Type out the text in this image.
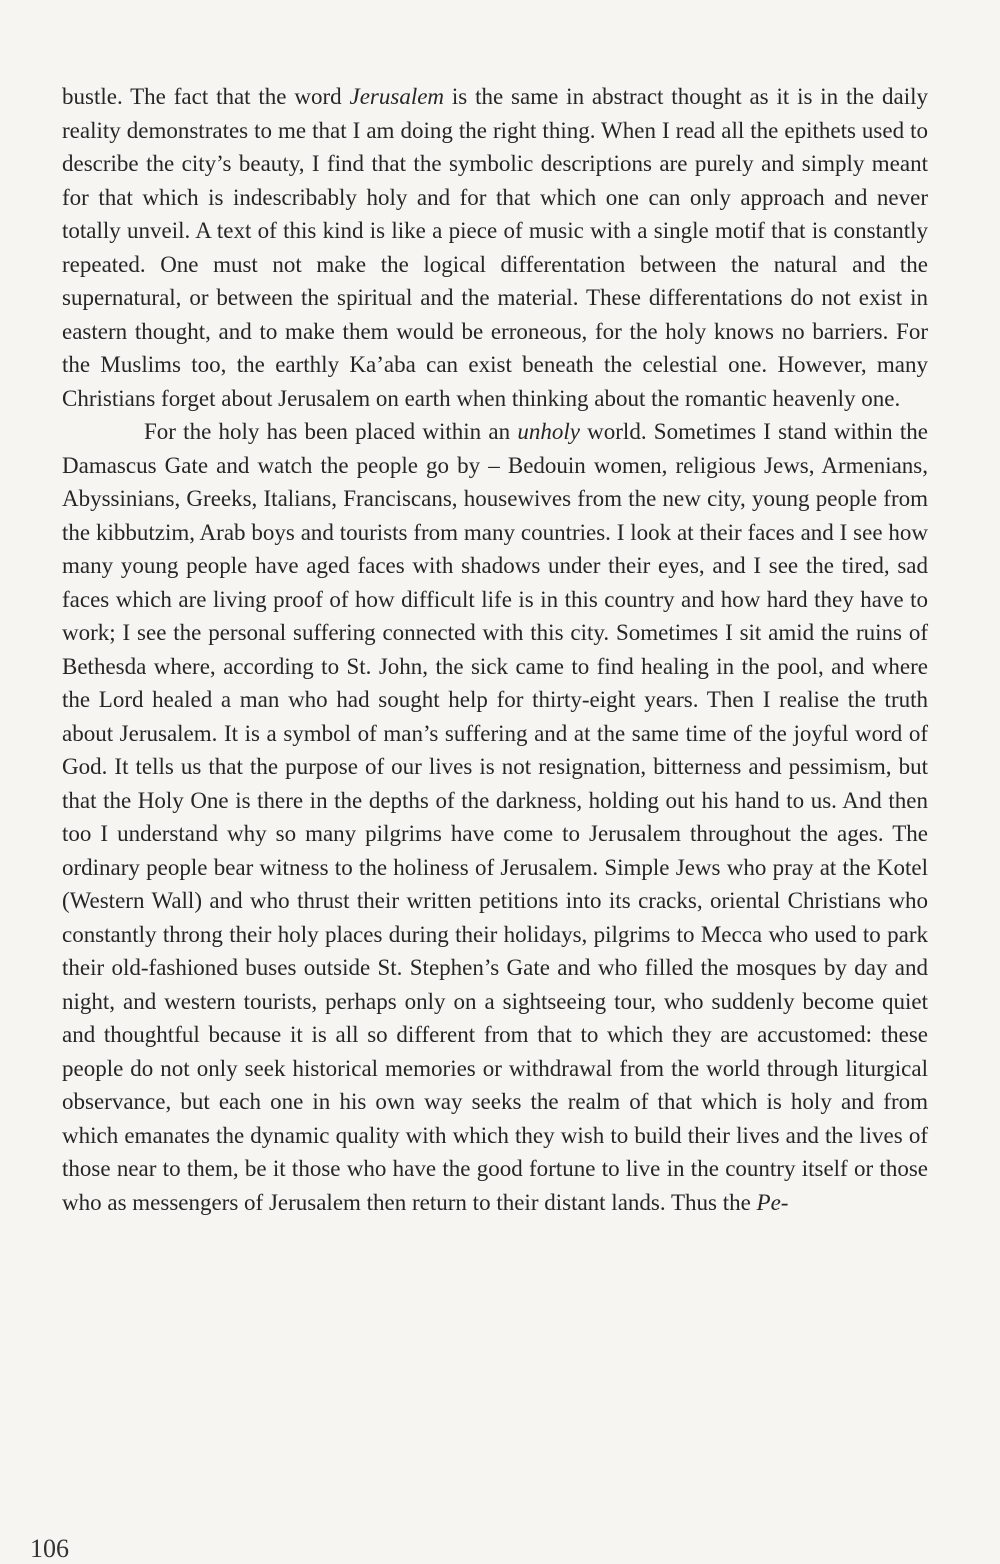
bustle. The fact that the word Jerusalem is the same in abstract thought as it is in the daily reality demonstrates to me that I am doing the right thing. When I read all the epithets used to describe the city’s beauty, I find that the symbolic descriptions are purely and simply meant for that which is indescribably holy and for that which one can only approach and never totally unveil. A text of this kind is like a piece of music with a single motif that is constantly repeated. One must not make the logical differentation between the natural and the supernatural, or between the spiritual and the material. These differentations do not exist in eastern thought, and to make them would be erroneous, for the holy knows no barriers. For the Muslims too, the earthly Ka’aba can exist beneath the celestial one. However, many Christians forget about Jerusalem on earth when thinking about the romantic heavenly one.

For the holy has been placed within an unholy world. Sometimes I stand within the Damascus Gate and watch the people go by – Bedouin women, religious Jews, Armenians, Abyssinians, Greeks, Italians, Franciscans, housewives from the new city, young people from the kibbutzim, Arab boys and tourists from many countries. I look at their faces and I see how many young people have aged faces with shadows under their eyes, and I see the tired, sad faces which are living proof of how difficult life is in this country and how hard they have to work; I see the personal suffering connected with this city. Sometimes I sit amid the ruins of Bethesda where, according to St. John, the sick came to find healing in the pool, and where the Lord healed a man who had sought help for thirty-eight years. Then I realise the truth about Jerusalem. It is a symbol of man’s suffering and at the same time of the joyful word of God. It tells us that the purpose of our lives is not resignation, bitterness and pessimism, but that the Holy One is there in the depths of the darkness, holding out his hand to us. And then too I understand why so many pilgrims have come to Jerusalem throughout the ages. The ordinary people bear witness to the holiness of Jerusalem. Simple Jews who pray at the Kotel (Western Wall) and who thrust their written petitions into its cracks, oriental Christians who constantly throng their holy places during their holidays, pilgrims to Mecca who used to park their old-fashioned buses outside St. Stephen’s Gate and who filled the mosques by day and night, and western tourists, perhaps only on a sightseeing tour, who suddenly become quiet and thoughtful because it is all so different from that to which they are accustomed: these people do not only seek historical memories or withdrawal from the world through liturgical observance, but each one in his own way seeks the realm of that which is holy and from which emanates the dynamic quality with which they wish to build their lives and the lives of those near to them, be it those who have the good fortune to live in the country itself or those who as messengers of Jerusalem then return to their distant lands. Thus the Pe-

106
